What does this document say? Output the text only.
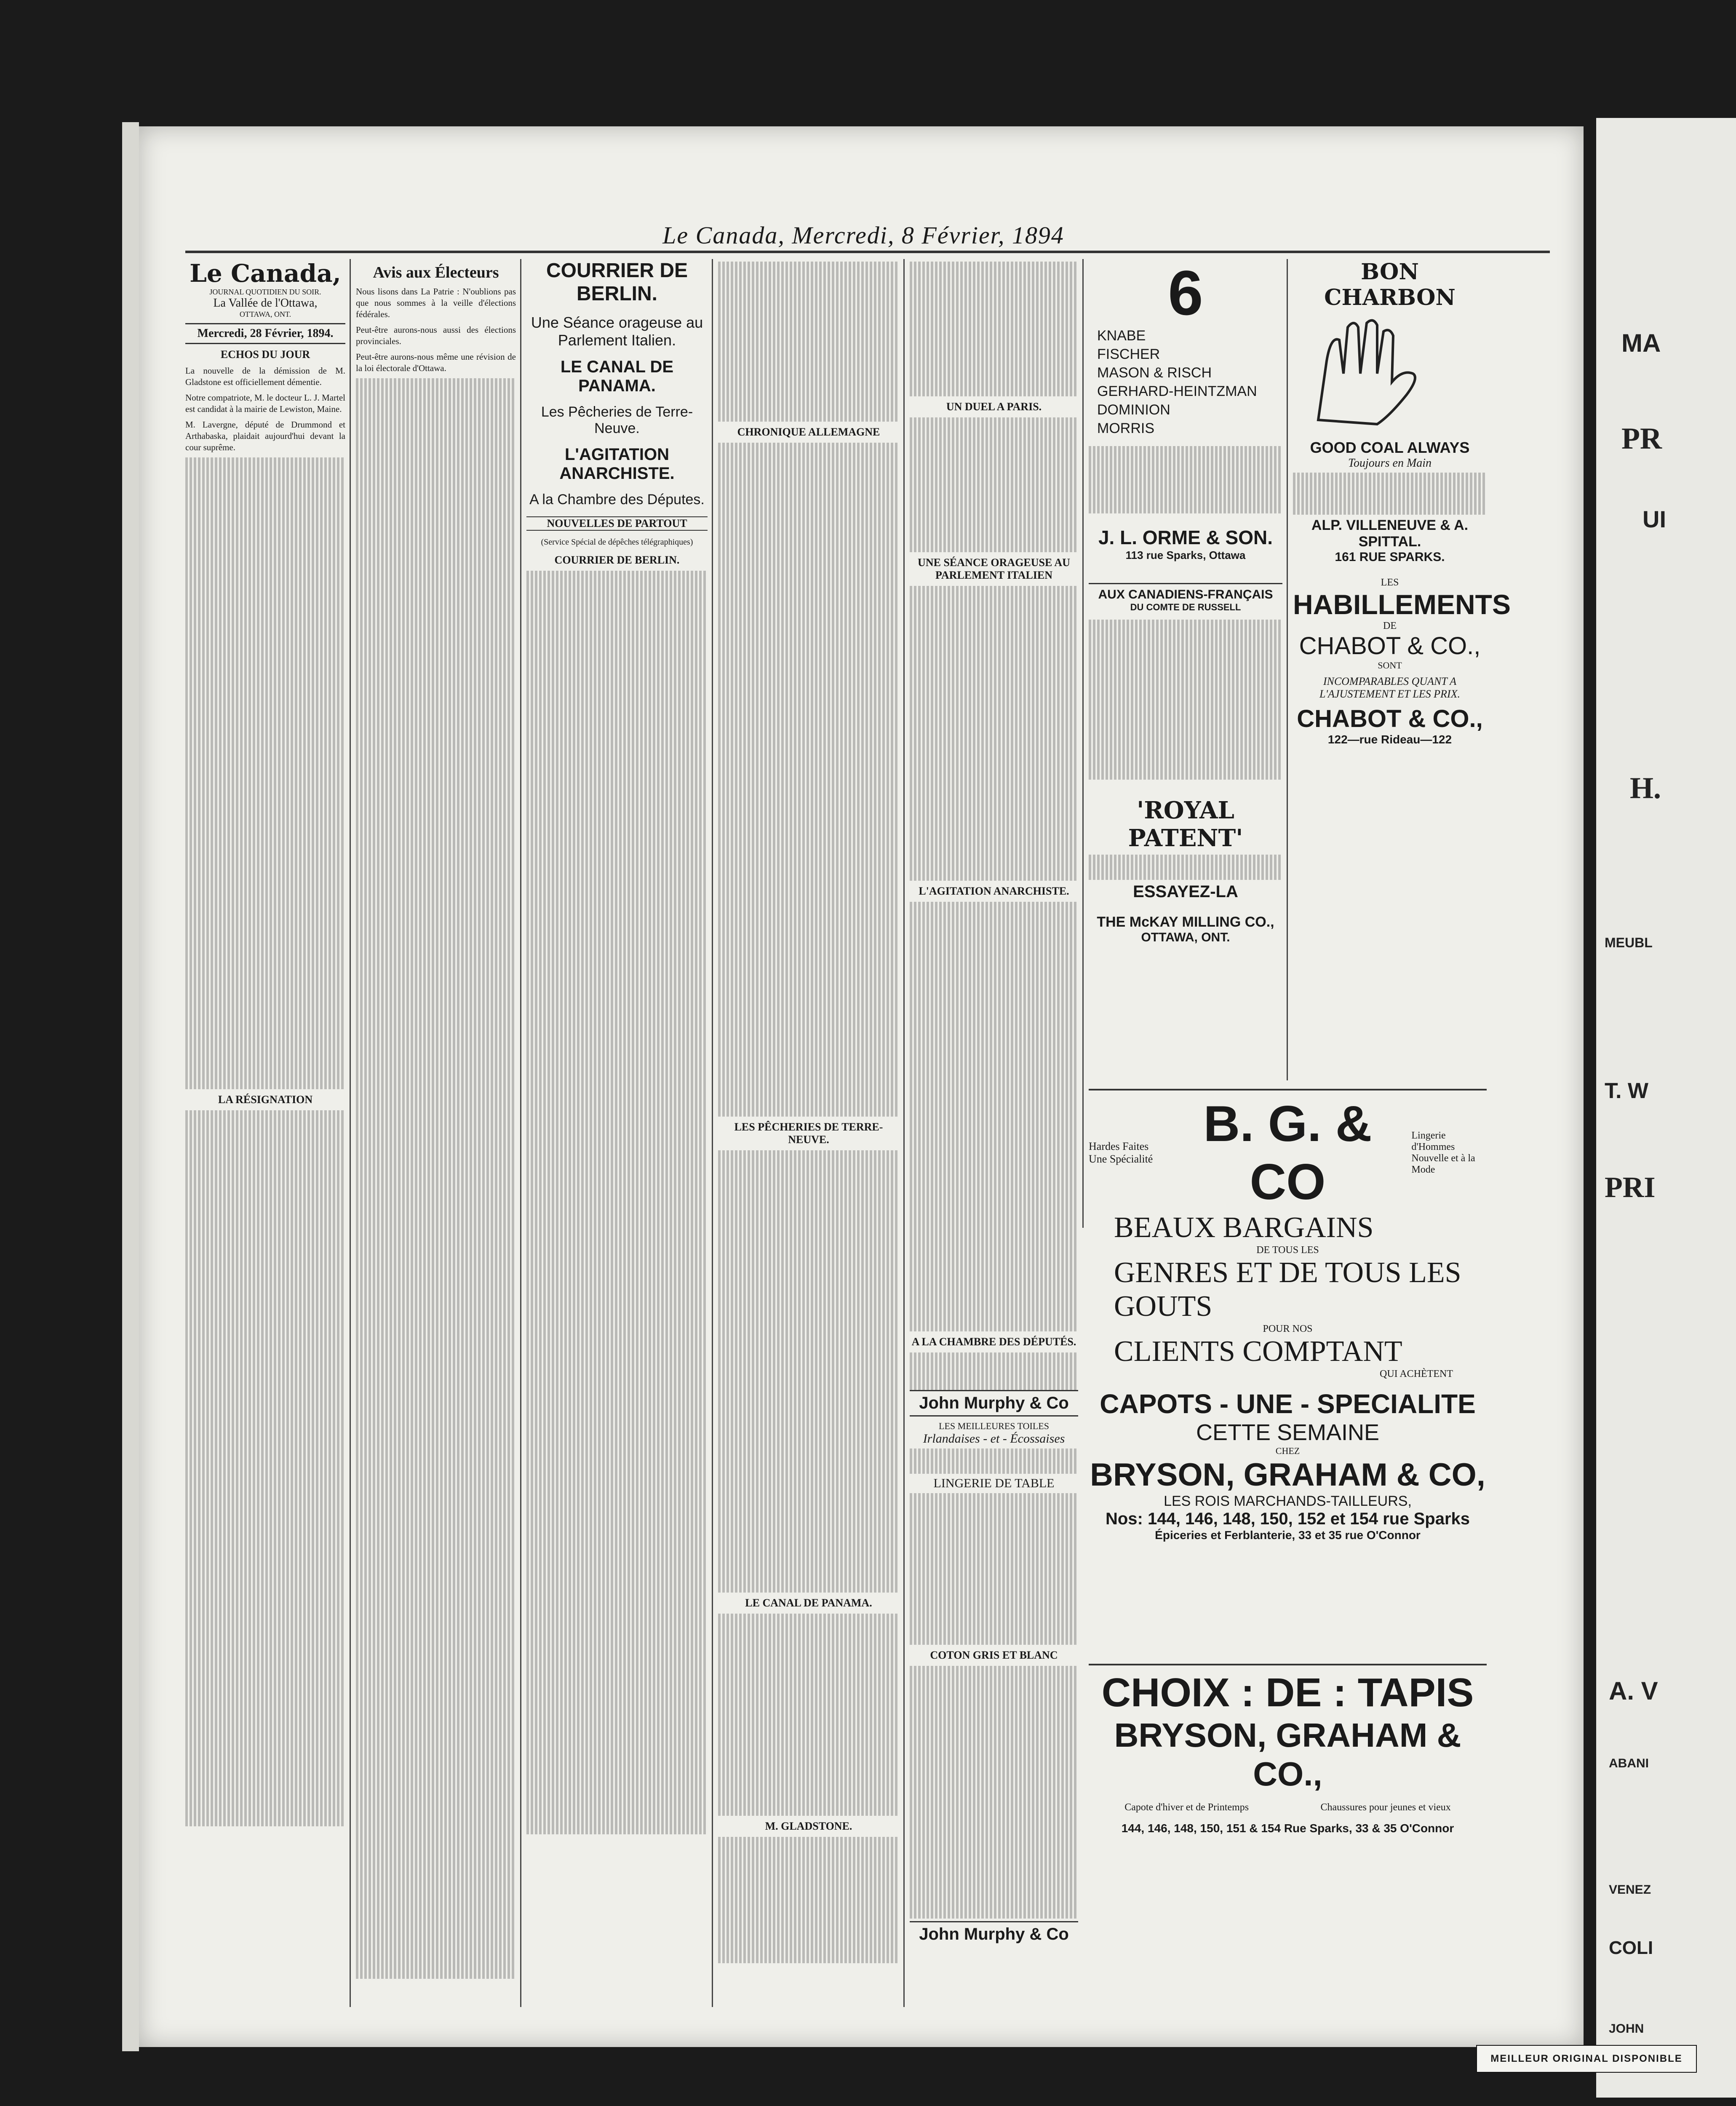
Le Canada, Mercredi, 8 Février, 1894
Le Canada,
JOURNAL QUOTIDIEN DU SOIR.
La Vallée de l'Ottawa,
OTTAWA, ONT.
Mercredi, 28 Février, 1894.
ECHOS DU JOUR

La nouvelle de la démission de M. Gladstone est officiellement démentie.

Notre compatriote, M. le docteur L. J. Martel est candidat à la mairie de Lewiston, Maine.

M. Lavergne, député de Drummond et Arthabaska, plaidait aujourd'hui devant la cour suprême.

LA RÉSIGNATION
Avis aux Électeurs

Nous lisons dans La Patrie : N'oublions pas que nous sommes à la veille d'élections fédérales.

Peut-être aurons-nous aussi des élections provinciales.

Peut-être aurons-nous même une révision de la loi électorale d'Ottawa.

COURRIER DE BERLIN.
Une Séance orageuse au Parlement Italien.
LE CANAL DE PANAMA.
Les Pêcheries de Terre-Neuve.
L'AGITATION ANARCHISTE.
A la Chambre des Députes.
NOUVELLES DE PARTOUT
(Service Spécial de dépêches télégraphiques)
COURRIER DE BERLIN.
CHRONIQUE ALLEMAGNE
LES PÊCHERIES DE TERRE-NEUVE.
LE CANAL DE PANAMA.
M. GLADSTONE.
UN DUEL A PARIS.
UNE SÉANCE ORAGEUSE AU PARLEMENT ITALIEN
L'AGITATION ANARCHISTE.
A LA CHAMBRE DES DÉPUTÉS.
6
KNABE
FISCHER
MASON & RISCH
GERHARD-HEINTZMAN
DOMINION
MORRIS
J. L. ORME & SON.
113 rue Sparks, Ottawa
AUX CANADIENS-FRANÇAIS
DU COMTE DE RUSSELL
'ROYAL PATENT'
ESSAYEZ-LA
THE McKAY MILLING CO.,
OTTAWA, ONT.
BON CHARBON
GOOD COAL ALWAYS
Toujours en Main
ALP. VILLENEUVE & A. SPITTAL.
161 RUE SPARKS.
LES
HABILLEMENTS
DE
CHABOT & CO.,
SONT
INCOMPARABLES QUANT A L'AJUSTEMENT ET LES PRIX.
CHABOT & CO.,
122—rue Rideau—122
Hardes Faites Une Spécialité
B. G. & CO
Lingerie d'Hommes Nouvelle et à la Mode
BEAUX BARGAINS
DE TOUS LES
GENRES ET DE TOUS LES GOUTS
POUR NOS
CLIENTS COMPTANT
QUI ACHÈTENT
CAPOTS - UNE - SPECIALITE
CETTE SEMAINE
CHEZ
BRYSON, GRAHAM & CO,
LES ROIS MARCHANDS-TAILLEURS,
Nos: 144, 146, 148, 150, 152 et 154 rue Sparks
Épiceries et Ferblanterie, 33 et 35 rue O'Connor
John Murphy & Co
LES MEILLEURES TOILES
Irlandaises - et - Écossaises
LINGERIE DE TABLE
COTON GRIS ET BLANC
John Murphy & Co
CHOIX : DE : TAPIS
BRYSON, GRAHAM & CO.,
Capote d'hiver et de Printemps	Chaussures pour jeunes et vieux
144, 146, 148, 150, 151 & 154 Rue Sparks, 33 & 35 O'Connor
MA
PR
UI
H.
MEUBL
T. W
PRI
A. V
ABANI
VENEZ
COLI
JOHN
MEILLEUR ORIGINAL DISPONIBLE
